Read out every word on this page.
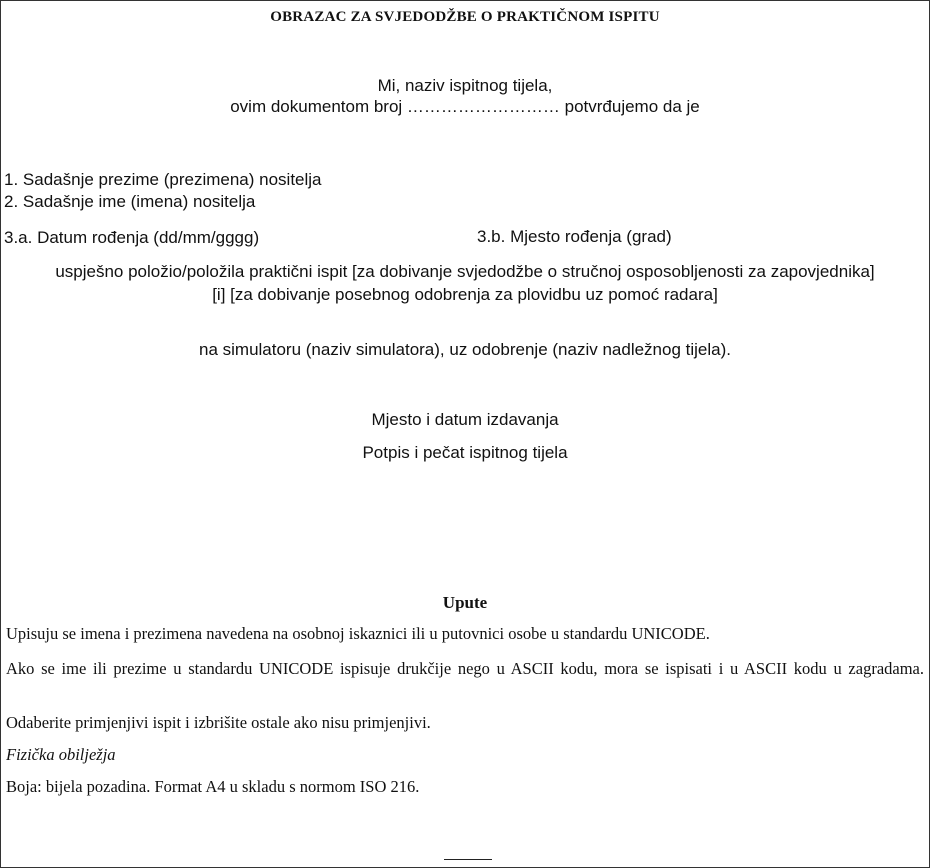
OBRAZAC ZA SVJEDODŽBE O PRAKTIČNOM ISPITU
Mi, naziv ispitnog tijela,
ovim dokumentom broj ……………………… potvrđujemo da je
1. Sadašnje prezime (prezimena) nositelja
2. Sadašnje ime (imena) nositelja
3.a. Datum rođenja (dd/mm/gggg)	3.b. Mjesto rođenja (grad)
uspješno položio/položila praktični ispit [za dobivanje svjedodžbe o stručnoj osposobljenosti za zapovjednika]
[i] [za dobivanje posebnog odobrenja za plovidbu uz pomoć radara]
na simulatoru (naziv simulatora), uz odobrenje (naziv nadležnog tijela).
Mjesto i datum izdavanja
Potpis i pečat ispitnog tijela
Upute
Upisuju se imena i prezimena navedena na osobnoj iskaznici ili u putovnici osobe u standardu UNICODE.
Ako se ime ili prezime u standardu UNICODE ispisuje drukčije nego u ASCII kodu, mora se ispisati i u ASCII kodu u zagradama.
Odaberite primjenjivi ispit i izbrišite ostale ako nisu primjenjivi.
Fizička obilježja
Boja: bijela pozadina. Format A4 u skladu s normom ISO 216.
